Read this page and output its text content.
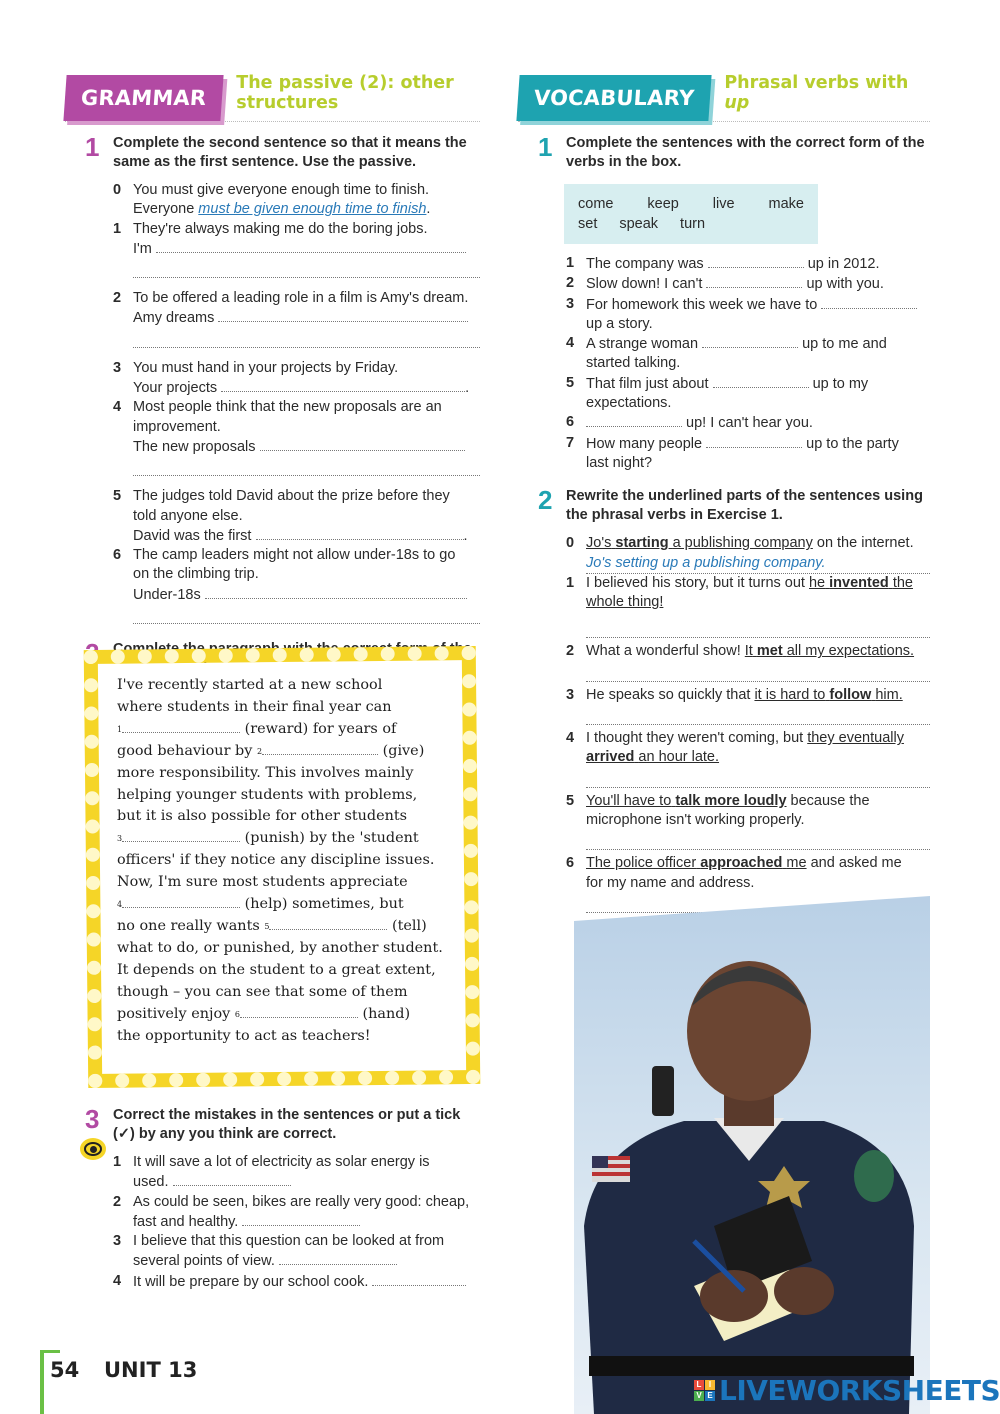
GRAMMAR
The passive (2): other structures
1 Complete the second sentence so that it means the same as the first sentence. Use the passive.
0 You must give everyone enough time to finish.
Everyone must be given enough time to finish.
1 They're always making me do the boring jobs.
I'm
2 To be offered a leading role in a film is Amy's dream.
Amy dreams
3 You must hand in your projects by Friday.
Your projects	.
4 Most people think that the new proposals are an
improvement.
The new proposals
5 The judges told David about the prize before they
told anyone else.
David was the first	.
6 The camp leaders might not allow under-18s to go
on the climbing trip.
Under-18s
I've recently started at a new school
where students in their final year can
$^1$	(reward) for years of
good behaviour by $^2$	(give)
more responsibility. This involves mainly
helping younger students with problems,
but it is also possible for other students
$^3$	(punish) by the 'student
officers' if they notice any discipline issues.
Now, I'm sure most students appreciate
$^4$	(help) sometimes, but
no one really wants $^5$	(tell)
what to do, or punished, by another student.
It depends on the student to a great extent,
though – you can see that some of them
positively enjoy $^6$	(hand)
the opportunity to act as teachers!
3 Correct the mistakes in the sentences or put a tick (✓) by any you think are correct.
1 It will save a lot of electricity as solar energy is
used.
2 As could be seen, bikes are really very good: cheap,
fast and healthy.
3 I believe that this question can be looked at from
several points of view.
4 It will be prepare by our school cook.
VOCABULARY
Phrasal verbs with up
1 Complete the sentences with the correct form of the verbs in the box.
come keep live make
set speak turn
1 The company was	up in 2012.
2 Slow down! I can't	up with you.
3 For homework this week we have to
up a story.
4 A strange woman	up to me and
started talking.
5 That film just about	up to my
expectations.
6	up! I can't hear you.
7 How many people	up to the party
last night?
2 Rewrite the underlined parts of the sentences using the phrasal verbs in Exercise 1.
0 Jo's starting a publishing company on the internet.
Jo's setting up a publishing company.
1 I believed his story, but it turns out he invented the
whole thing!
2 What a wonderful show! It met all my expectations.
3 He speaks so quickly that it is hard to follow him.
4 I thought they weren't coming, but they eventually
arrived an hour late.
5 You'll have to talk more loudly because the
microphone isn't working properly.
6 The police officer approached me and asked me
for my name and address.
54 UNIT 13
L I
V E LIVEWORKSHEETS
